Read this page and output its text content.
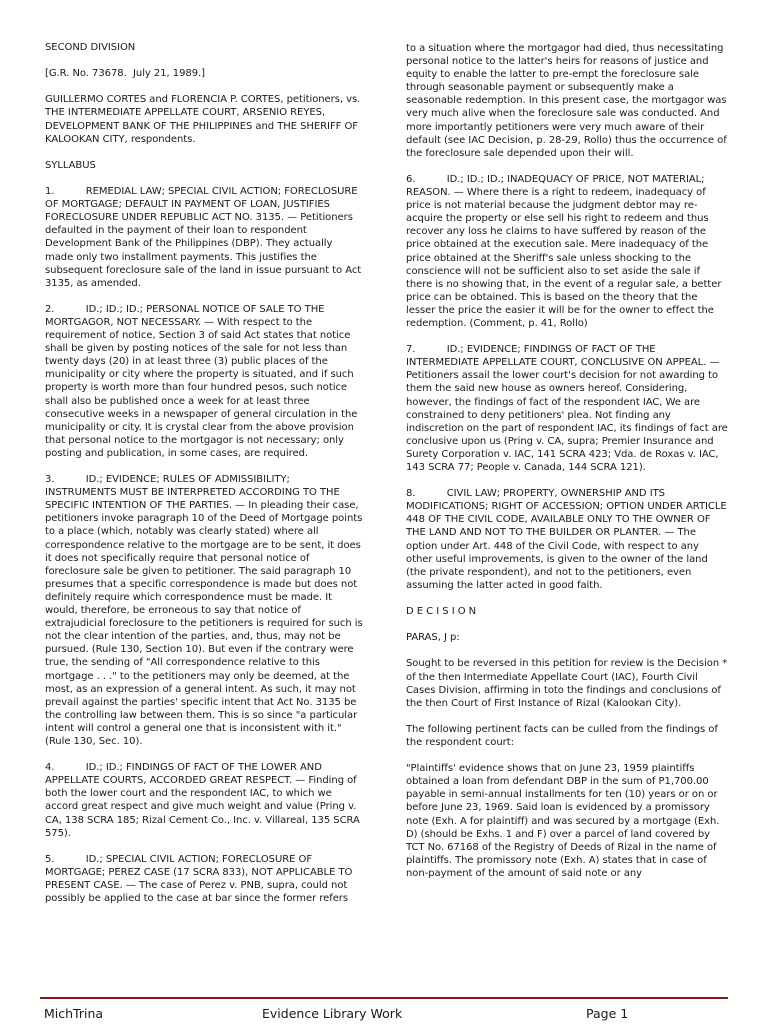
SECOND DIVISION

[G.R. No. 73678.  July 21, 1989.]

GUILLERMO CORTES and FLORENCIA P. CORTES, petitioners, vs. THE INTERMEDIATE APPELLATE COURT, ARSENIO REYES, DEVELOPMENT BANK OF THE PHILIPPINES and THE SHERIFF OF KALOOKAN CITY, respondents.

SYLLABUS

1.          REMEDIAL LAW; SPECIAL CIVIL ACTION; FORECLOSURE OF MORTGAGE; DEFAULT IN PAYMENT OF LOAN, JUSTIFIES FORECLOSURE UNDER REPUBLIC ACT NO. 3135. — Petitioners defaulted in the payment of their loan to respondent Development Bank of the Philippines (DBP). They actually made only two installment payments. This justifies the subsequent foreclosure sale of the land in issue pursuant to Act 3135, as amended.

2.          ID.; ID.; ID.; PERSONAL NOTICE OF SALE TO THE MORTGAGOR, NOT NECESSARY. — With respect to the requirement of notice, Section 3 of said Act states that notice shall be given by posting notices of the sale for not less than twenty days (20) in at least three (3) public places of the municipality or city where the property is situated, and if such property is worth more than four hundred pesos, such notice shall also be published once a week for at least three consecutive weeks in a newspaper of general circulation in the municipality or city. It is crystal clear from the above provision that personal notice to the mortgagor is not necessary; only posting and publication, in some cases, are required.

3.          ID.; EVIDENCE; RULES OF ADMISSIBILITY; INSTRUMENTS MUST BE INTERPRETED ACCORDING TO THE SPECIFIC INTENTION OF THE PARTIES. — In pleading their case, petitioners invoke paragraph 10 of the Deed of Mortgage points to a place (which, notably was clearly stated) where all correspondence relative to the mortgage are to be sent, it does it does not specifically require that personal notice of foreclosure sale be given to petitioner. The said paragraph 10 presumes that a specific correspondence is made but does not definitely require which correspondence must be made. It would, therefore, be erroneous to say that notice of extrajudicial foreclosure to the petitioners is required for such is not the clear intention of the parties, and, thus, may not be pursued. (Rule 130, Section 10). But even if the contrary were true, the sending of "All correspondence relative to this mortgage . . ." to the petitioners may only be deemed, at the most, as an expression of a general intent. As such, it may not prevail against the parties' specific intent that Act No. 3135 be the controlling law between them. This is so since "a particular intent will control a general one that is inconsistent with it." (Rule 130, Sec. 10).

4.          ID.; ID.; FINDINGS OF FACT OF THE LOWER AND APPELLATE COURTS, ACCORDED GREAT RESPECT. — Finding of both the lower court and the respondent IAC, to which we accord great respect and give much weight and value (Pring v. CA, 138 SCRA 185; Rizal Cement Co., Inc. v. Villareal, 135 SCRA 575).

5.          ID.; SPECIAL CIVIL ACTION; FORECLOSURE OF MORTGAGE; PEREZ CASE (17 SCRA 833), NOT APPLICABLE TO PRESENT CASE. — The case of Perez v. PNB, supra, could not possibly be applied to the case at bar since the former refers

to a situation where the mortgagor had died, thus necessitating personal notice to the latter's heirs for reasons of justice and equity to enable the latter to pre-empt the foreclosure sale through seasonable payment or subsequently make a seasonable redemption. In this present case, the mortgagor was very much alive when the foreclosure sale was conducted. And more importantly petitioners were very much aware of their default (see IAC Decision, p. 28-29, Rollo) thus the occurrence of the foreclosure sale depended upon their will.

6.          ID.; ID.; ID.; INADEQUACY OF PRICE, NOT MATERIAL; REASON. — Where there is a right to redeem, inadequacy of price is not material because the judgment debtor may re-acquire the property or else sell his right to redeem and thus recover any loss he claims to have suffered by reason of the price obtained at the execution sale. Mere inadequacy of the price obtained at the Sheriff's sale unless shocking to the conscience will not be sufficient also to set aside the sale if there is no showing that, in the event of a regular sale, a better price can be obtained. This is based on the theory that the lesser the price the easier it will be for the owner to effect the redemption. (Comment, p. 41, Rollo)

7.          ID.; EVIDENCE; FINDINGS OF FACT OF THE INTERMEDIATE APPELLATE COURT, CONCLUSIVE ON APPEAL. — Petitioners assail the lower court's decision for not awarding to them the said new house as owners hereof. Considering, however, the findings of fact of the respondent IAC, We are constrained to deny petitioners' plea. Not finding any indiscretion on the part of respondent IAC, its findings of fact are conclusive upon us (Pring v. CA, supra; Premier Insurance and Surety Corporation v. IAC, 141 SCRA 423; Vda. de Roxas v. IAC, 143 SCRA 77; People v. Canada, 144 SCRA 121).

8.          CIVIL LAW; PROPERTY, OWNERSHIP AND ITS MODIFICATIONS; RIGHT OF ACCESSION; OPTION UNDER ARTICLE 448 OF THE CIVIL CODE, AVAILABLE ONLY TO THE OWNER OF THE LAND AND NOT TO THE BUILDER OR PLANTER. — The option under Art. 448 of the Civil Code, with respect to any other useful improvements, is given to the owner of the land (the private respondent), and not to the petitioners, even assuming the latter acted in good faith.

D E C I S I O N

PARAS, J p:

Sought to be reversed in this petition for review is the Decision * of the then Intermediate Appellate Court (IAC), Fourth Civil Cases Division, affirming in toto the findings and conclusions of the then Court of First Instance of Rizal (Kalookan City).

The following pertinent facts can be culled from the findings of the respondent court:

"Plaintiffs' evidence shows that on June 23, 1959 plaintiffs obtained a loan from defendant DBP in the sum of P1,700.00 payable in semi-annual installments for ten (10) years or on or before June 23, 1969. Said loan is evidenced by a promissory note (Exh. A for plaintiff) and was secured by a mortgage (Exh. D) (should be Exhs. 1 and F) over a parcel of land covered by TCT No. 67168 of the Registry of Deeds of Rizal in the name of plaintiffs. The promissory note (Exh. A) states that in case of non-payment of the amount of said note or any

MichTrina	Evidence Library Work	Page 1
